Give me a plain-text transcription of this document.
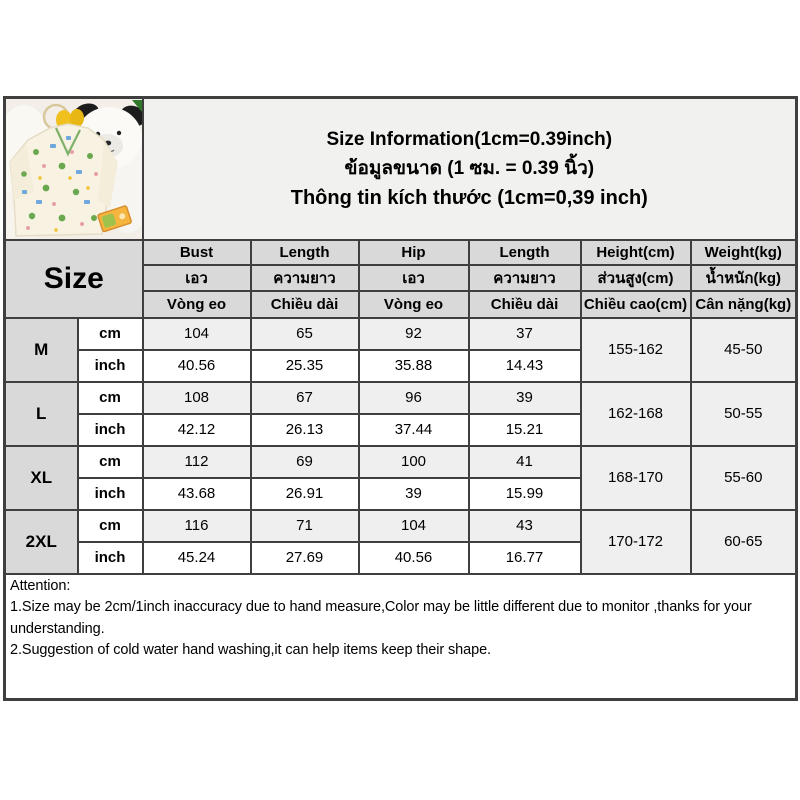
Size Information(1cm=0.39inch)
ข้อมูลขนาด (1 ซม. = 0.39 นิ้ว)
Thông tin kích thước (1cm=0,39 inch)					

Size		Bust	Length	Hip	Length	Height(cm)	Weight(kg)
		เอว	ความยาว	เอว	ความยาว	ส่วนสูง(cm)	น้ำหนัก(kg)
		Vòng eo	Chiều dài	Vòng eo	Chiều dài	Chiều cao(cm)	Cân nặng(kg)
M	cm	104	65	92	37	155-162	45-50
	inch	40.56	25.35	35.88	14.43		
L	cm	108	67	96	39	162-168	50-55
	inch	42.12	26.13	37.44	15.21		
XL	cm	112	69	100	41	168-170	55-60
	inch	43.68	26.91	39	15.99		
2XL	cm	116	71	104	43	170-172	60-65
	inch	45.24	27.69	40.56	16.77		

Attention:
1.Size may be 2cm/1inch inaccuracy due to hand measure,Color may be little different due to monitor ,thanks for your understanding.
2.Suggestion of cold water hand washing,it can help items keep their shape.							
